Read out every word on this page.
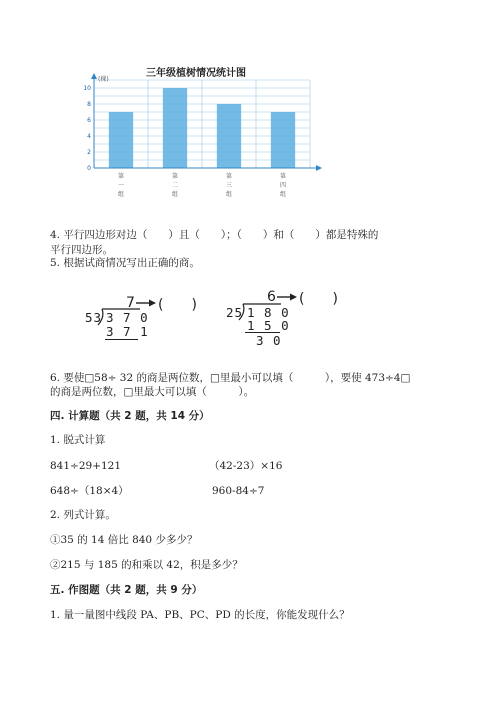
三年级植树情况统计图
0
2
4
6
8
10
第一组
第二组
第三组
第四组
(棵)
4. 平行四边形对边（　　）且（　　）；（　　）和（　　）都是特殊的
平行四边形。
5. 根据试商情况写出正确的商。
7 (　　)
53 3 7 0
3 7 1
6 (　　)
25 1 8 0
1 5 0
3 0
6. 要使□58÷ 32 的商是两位数，□里最小可以填（　　　），要使 473÷4□
的商是两位数，□里最大可以填（　　　）。
四. 计算题（共 2 题，共 14 分）
1. 脱式计算
841÷29+121	（42-23）×16
648÷（18×4）	960-84÷7
2. 列式计算。
①35 的 14 倍比 840 少多少？
②215 与 185 的和乘以 42，积是多少？
五. 作图题（共 2 题，共 9 分）
1. 量一量图中线段 PA、PB、PC、PD 的长度，你能发现什么？
